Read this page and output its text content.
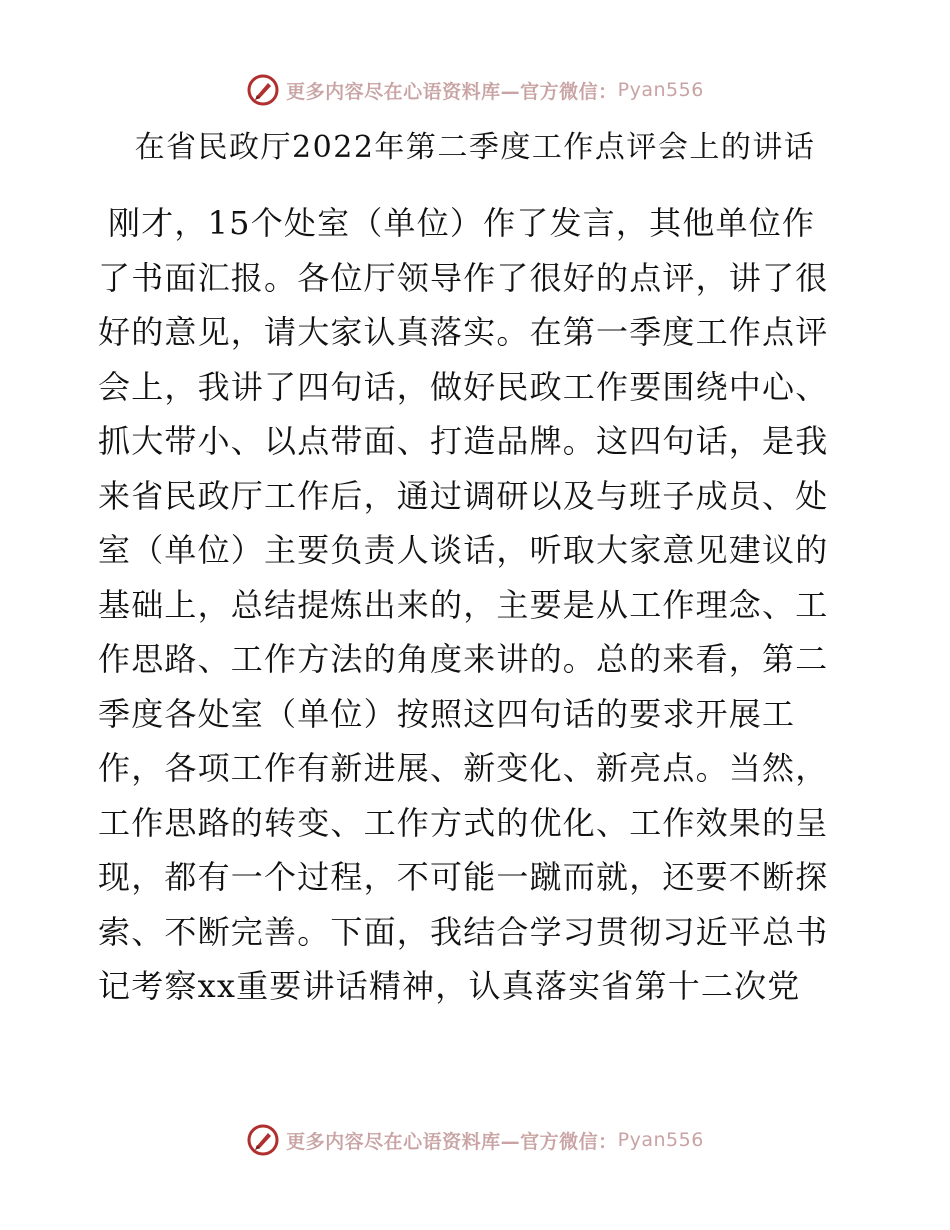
更多内容尽在心语资料库—官方微信： Pyan556
在省民政厅2022年第二季度工作点评会上的讲话
刚才，15个处室（单位）作了发言，其他单位作
了书面汇报。各位厅领导作了很好的点评，讲了很
好的意见，请大家认真落实。在第一季度工作点评
会上，我讲了四句话，做好民政工作要围绕中心、
抓大带小、以点带面、打造品牌。这四句话，是我
来省民政厅工作后，通过调研以及与班子成员、处
室（单位）主要负责人谈话，听取大家意见建议的
基础上，总结提炼出来的，主要是从工作理念、工
作思路、工作方法的角度来讲的。总的来看，第二
季度各处室（单位）按照这四句话的要求开展工
作，各项工作有新进展、新变化、新亮点。当然，
工作思路的转变、工作方式的优化、工作效果的呈
现，都有一个过程，不可能一蹴而就，还要不断探
索、不断完善。下面，我结合学习贯彻习近平总书
记考察xx重要讲话精神，认真落实省第十二次党
更多内容尽在心语资料库—官方微信： Pyan556
